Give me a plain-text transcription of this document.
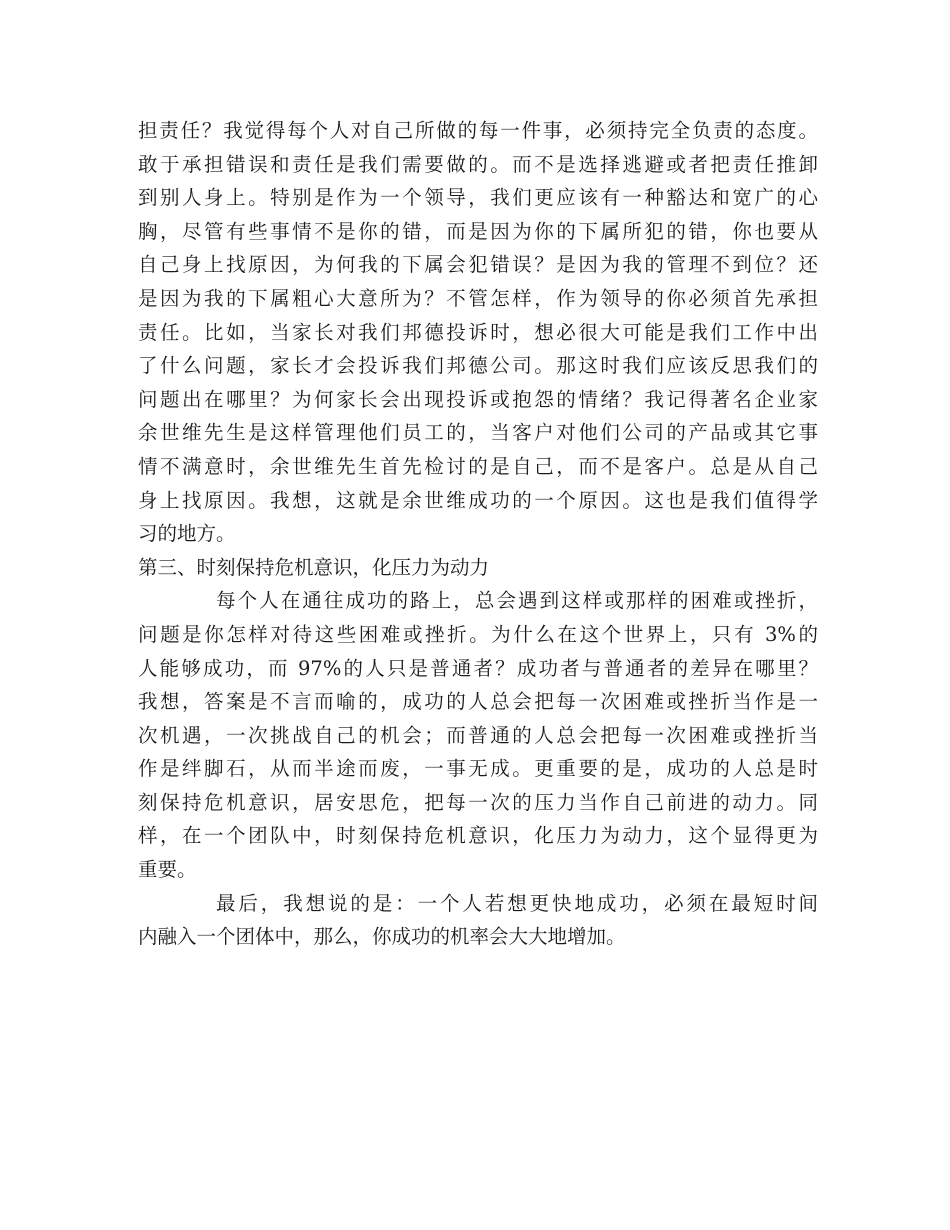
担责任？我觉得每个人对自己所做的每一件事，必须持完全负责的态度。
敢于承担错误和责任是我们需要做的。而不是选择逃避或者把责任推卸
到别人身上。特别是作为一个领导，我们更应该有一种豁达和宽广的心
胸，尽管有些事情不是你的错，而是因为你的下属所犯的错，你也要从
自己身上找原因，为何我的下属会犯错误？是因为我的管理不到位？还
是因为我的下属粗心大意所为？不管怎样，作为领导的你必须首先承担
责任。比如，当家长对我们邦德投诉时，想必很大可能是我们工作中出
了什么问题，家长才会投诉我们邦德公司。那这时我们应该反思我们的
问题出在哪里？为何家长会出现投诉或抱怨的情绪？我记得著名企业家
余世维先生是这样管理他们员工的，当客户对他们公司的产品或其它事
情不满意时，余世维先生首先检讨的是自己，而不是客户。总是从自己
身上找原因。我想，这就是余世维成功的一个原因。这也是我们值得学
习的地方。
第三、时刻保持危机意识，化压力为动力
每个人在通往成功的路上，总会遇到这样或那样的困难或挫折，
问题是你怎样对待这些困难或挫折。为什么在这个世界上，只有 3%的
人能够成功，而 97%的人只是普通者？成功者与普通者的差异在哪里？
我想，答案是不言而喻的，成功的人总会把每一次困难或挫折当作是一
次机遇，一次挑战自己的机会；而普通的人总会把每一次困难或挫折当
作是绊脚石，从而半途而废，一事无成。更重要的是，成功的人总是时
刻保持危机意识，居安思危，把每一次的压力当作自己前进的动力。同
样，在一个团队中，时刻保持危机意识，化压力为动力，这个显得更为
重要。
最后，我想说的是：一个人若想更快地成功，必须在最短时间
内融入一个团体中，那么，你成功的机率会大大地增加。
